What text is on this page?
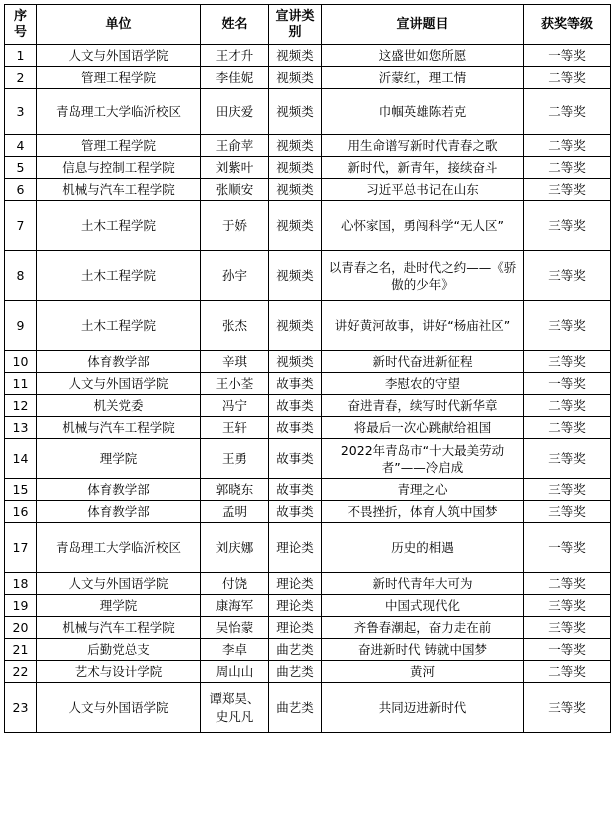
序号	单位	姓名	宣讲类别	宣讲题目	获奖等级
1	人文与外国语学院	王才升	视频类	这盛世如您所愿	一等奖
2	管理工程学院	李佳妮	视频类	沂蒙红，理工情	二等奖
3	青岛理工大学临沂校区	田庆爱	视频类	巾帼英雄陈若克	二等奖
4	管理工程学院	王俞苹	视频类	用生命谱写新时代青春之歌	二等奖
5	信息与控制工程学院	刘紫叶	视频类	新时代，新青年，接续奋斗	二等奖
6	机械与汽车工程学院	张顺安	视频类	习近平总书记在山东	三等奖
7	土木工程学院	于娇	视频类	心怀家国，勇闯科学“无人区”	三等奖
8	土木工程学院	孙宇	视频类	以青春之名，赴时代之约——《骄傲的少年》	三等奖
9	土木工程学院	张杰	视频类	讲好黄河故事，讲好“杨庙社区”	三等奖
10	体育教学部	辛琪	视频类	新时代奋进新征程	三等奖
11	人文与外国语学院	王小荃	故事类	李慰农的守望	一等奖
12	机关党委	冯宁	故事类	奋进青春，续写时代新华章	二等奖
13	机械与汽车工程学院	王轩	故事类	将最后一次心跳献给祖国	二等奖
14	理学院	王勇	故事类	2022年青岛市“十大最美劳动者”——冷启成	三等奖
15	体育教学部	郭晓东	故事类	青理之心	三等奖
16	体育教学部	孟明	故事类	不畏挫折，体育人筑中国梦	三等奖
17	青岛理工大学临沂校区	刘庆娜	理论类	历史的相遇	一等奖
18	人文与外国语学院	付饶	理论类	新时代青年大可为	二等奖
19	理学院	康海军	理论类	中国式现代化	三等奖
20	机械与汽车工程学院	吴怡蒙	理论类	齐鲁春潮起，奋力走在前	三等奖
21	后勤党总支	李卓	曲艺类	奋进新时代 铸就中国梦	一等奖
22	艺术与设计学院	周山山	曲艺类	黄河	二等奖
23	人文与外国语学院	谭郑昊、史凡凡	曲艺类	共同迈进新时代	三等奖
